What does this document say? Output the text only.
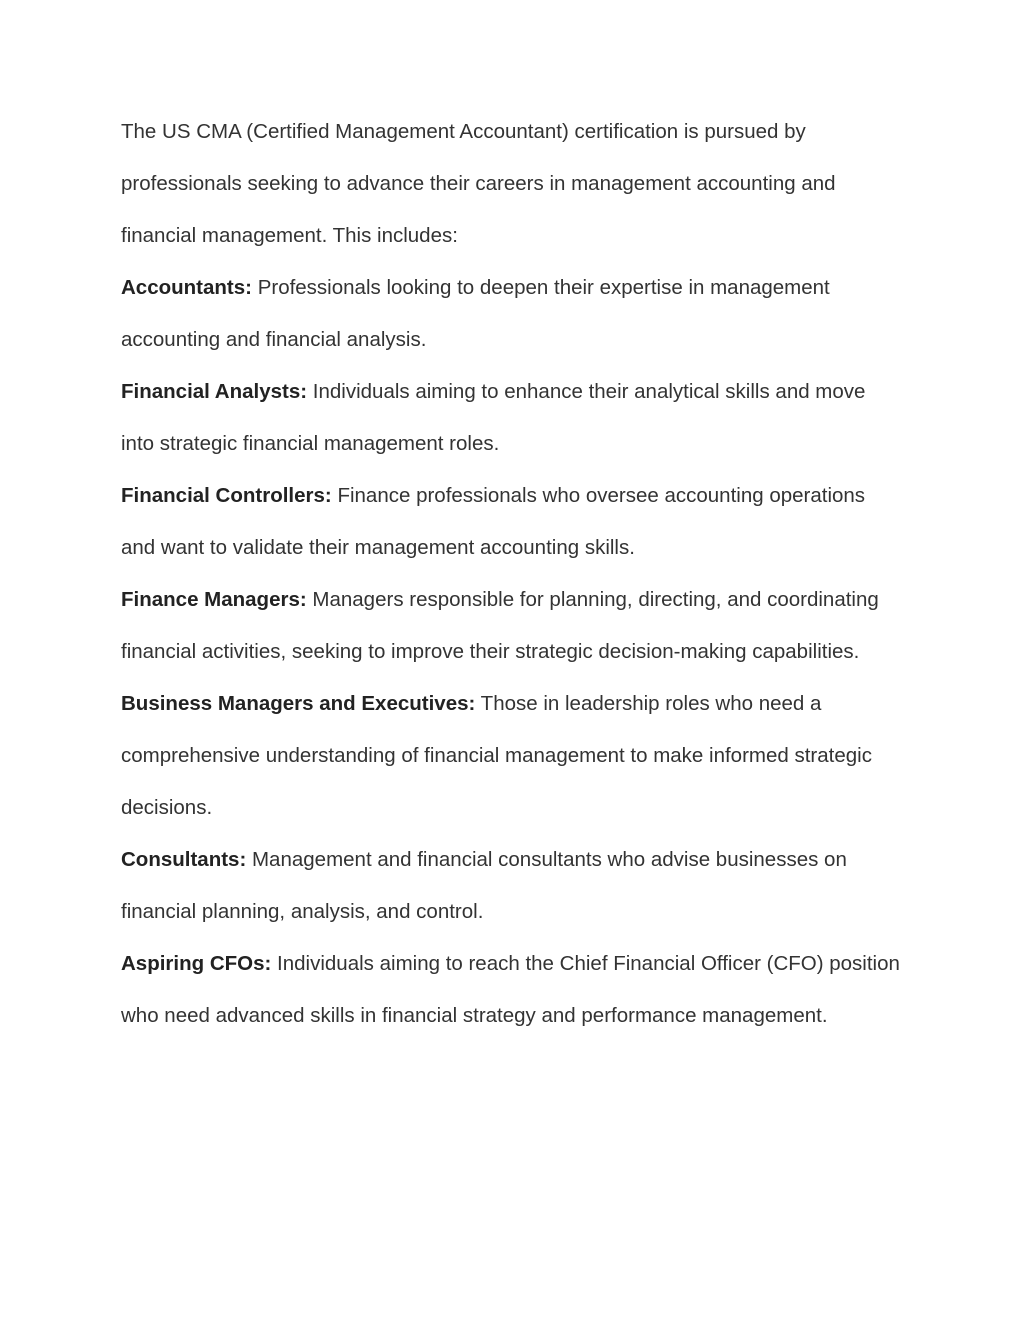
The US CMA (Certified Management Accountant) certification is pursued by professionals seeking to advance their careers in management accounting and financial management. This includes:

Accountants: Professionals looking to deepen their expertise in management accounting and financial analysis.

Financial Analysts: Individuals aiming to enhance their analytical skills and move into strategic financial management roles.

Financial Controllers: Finance professionals who oversee accounting operations and want to validate their management accounting skills.

Finance Managers: Managers responsible for planning, directing, and coordinating financial activities, seeking to improve their strategic decision-making capabilities.

Business Managers and Executives: Those in leadership roles who need a comprehensive understanding of financial management to make informed strategic decisions.

Consultants: Management and financial consultants who advise businesses on financial planning, analysis, and control.

Aspiring CFOs: Individuals aiming to reach the Chief Financial Officer (CFO) position who need advanced skills in financial strategy and performance management.
